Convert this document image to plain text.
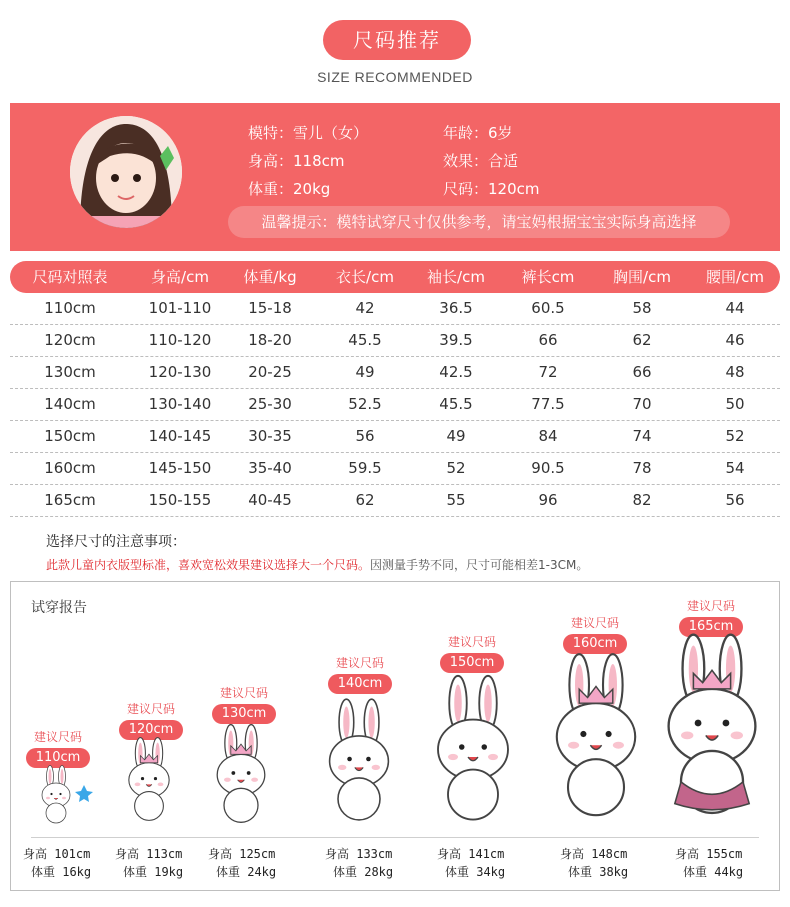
尺码推荐
SIZE RECOMMENDED
模特：雪儿（女）
身高：118cm
体重：20kg
年龄：6岁
效果：合适
尺码：120cm
温馨提示：模特试穿尺寸仅供参考，请宝妈根据宝宝实际身高选择
尺码对照表	身高/cm	体重/kg	衣长/cm	袖长/cm	裤长cm	胸围/cm	腰围/cm
110cm	101-110	15-18	42	36.5	60.5	58	44
120cm	110-120	18-20	45.5	39.5	66	62	46
130cm	120-130	20-25	49	42.5	72	66	48
140cm	130-140	25-30	52.5	45.5	77.5	70	50
150cm	140-145	30-35	56	49	84	74	52
160cm	145-150	35-40	59.5	52	90.5	78	54
165cm	150-155	40-45	62	55	96	82	56
选择尺寸的注意事项：
此款儿童内衣版型标准，喜欢宽松效果建议选择大一个尺码。因测量手势不同，尺寸可能相差1-3CM。
试穿报告
建议尺码
110cm
建议尺码
120cm
建议尺码
130cm
建议尺码
140cm
建议尺码
150cm
建议尺码
160cm
建议尺码
165cm
身高 101cm
体重 16kg
身高 113cm
体重 19kg
身高 125cm
体重 24kg
身高 133cm
体重 28kg
身高 141cm
体重 34kg
身高 148cm
体重 38kg
身高 155cm
体重 44kg
